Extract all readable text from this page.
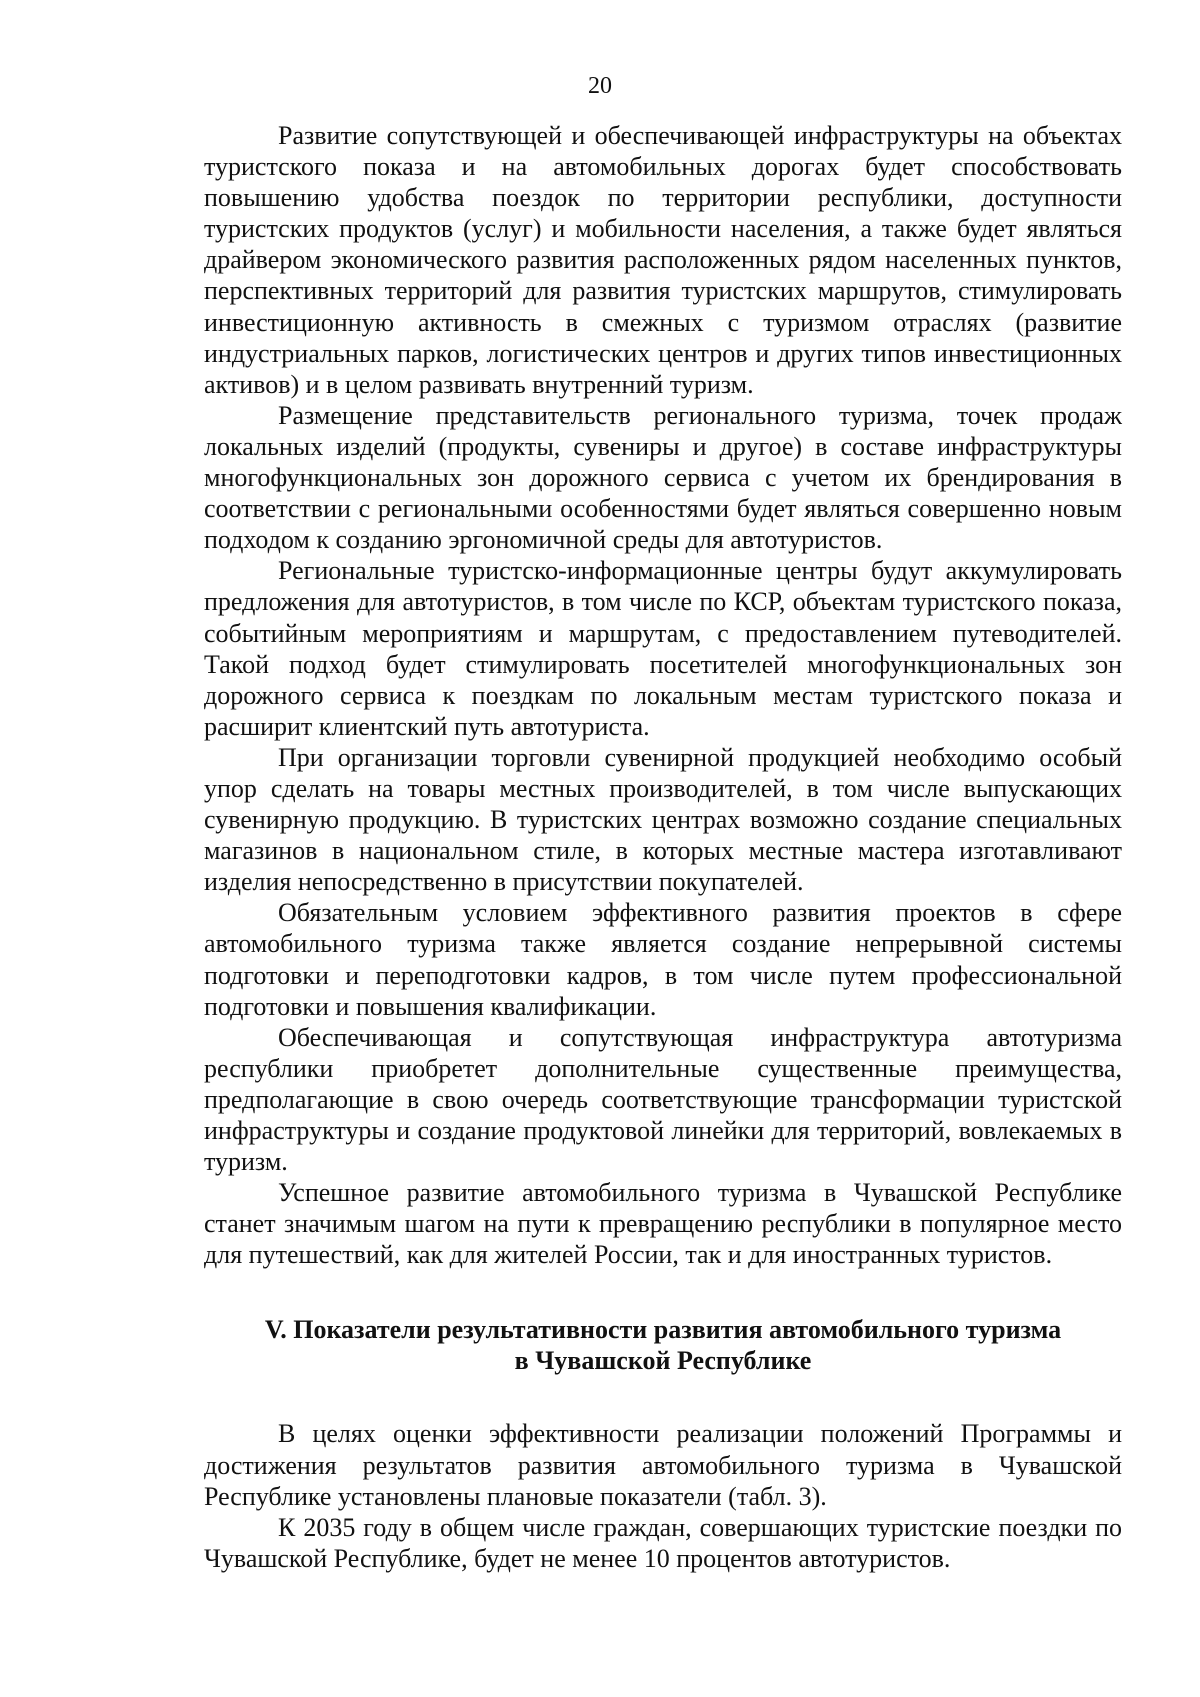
20

Развитие сопутствующей и обеспечивающей инфраструктуры на объектах туристского показа и на автомобильных дорогах будет способствовать повышению удобства поездок по территории республики, доступности туристских продуктов (услуг) и мобильности населения, а также будет являться драйвером экономического развития расположенных рядом населенных пунктов, перспективных территорий для развития туристских маршрутов, стимулировать инвестиционную активность в смежных с туризмом отраслях (развитие индустриальных парков, логистических центров и других типов инвестиционных активов) и в целом развивать внутренний туризм.

Размещение представительств регионального туризма, точек продаж локальных изделий (продукты, сувениры и другое) в составе инфраструктуры многофункциональных зон дорожного сервиса с учетом их брендирования в соответствии с региональными особенностями будет являться совершенно новым подходом к созданию эргономичной среды для автотуристов.

Региональные туристско-информационные центры будут аккумулировать предложения для автотуристов, в том числе по КСР, объектам туристского показа, событийным мероприятиям и маршрутам, с предоставлением путеводителей. Такой подход будет стимулировать посетителей многофункциональных зон дорожного сервиса к поездкам по локальным местам туристского показа и расширит клиентский путь автотуриста.

При организации торговли сувенирной продукцией необходимо особый упор сделать на товары местных производителей, в том числе выпускающих сувенирную продукцию. В туристских центрах возможно создание специальных магазинов в национальном стиле, в которых местные мастера изготавливают изделия непосредственно в присутствии покупателей.

Обязательным условием эффективного развития проектов в сфере автомобильного туризма также является создание непрерывной системы подготовки и переподготовки кадров, в том числе путем профессиональной подготовки и повышения квалификации.

Обеспечивающая и сопутствующая инфраструктура автотуризма республики приобретет дополнительные существенные преимущества, предполагающие в свою очередь соответствующие трансформации туристской инфраструктуры и создание продуктовой линейки для территорий, вовлекаемых в туризм.

Успешное развитие автомобильного туризма в Чувашской Республике станет значимым шагом на пути к превращению республики в популярное место для путешествий, как для жителей России, так и для иностранных туристов.

V. Показатели результативности развития автомобильного туризма
в Чувашской Республике

В целях оценки эффективности реализации положений Программы и достижения результатов развития автомобильного туризма в Чувашской Республике установлены плановые показатели (табл. 3).

К 2035 году в общем числе граждан, совершающих туристские поездки по Чувашской Республике, будет не менее 10 процентов автотуристов.
